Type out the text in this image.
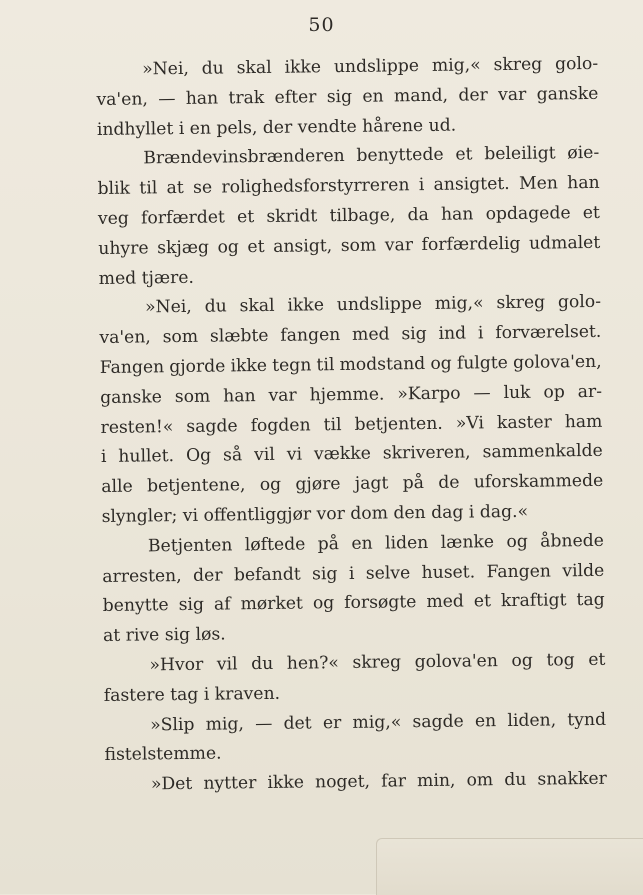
50
»Nei, du skal ikke undslippe mig,« skreg golo-
va'en, — han trak efter sig en mand, der var ganske
indhyllet i en pels, der vendte hårene ud.
Brændevinsbrænderen benyttede et beleiligt øie-
blik til at se rolighedsforstyrreren i ansigtet. Men han
veg forfærdet et skridt tilbage, da han opdagede et
uhyre skjæg og et ansigt, som var forfærdelig udmalet
med tjære.
»Nei, du skal ikke undslippe mig,« skreg golo-
va'en, som slæbte fangen med sig ind i forværelset.
Fangen gjorde ikke tegn til modstand og fulgte golova'en,
ganske som han var hjemme. »Karpo — luk op ar-
resten!« sagde fogden til betjenten. »Vi kaster ham
i hullet. Og så vil vi vække skriveren, sammenkalde
alle betjentene, og gjøre jagt på de uforskammede
slyngler; vi offentliggjør vor dom den dag i dag.«
Betjenten løftede på en liden lænke og åbnede
arresten, der befandt sig i selve huset. Fangen vilde
benytte sig af mørket og forsøgte med et kraftigt tag
at rive sig løs.
»Hvor vil du hen?« skreg golova'en og tog et
fastere tag i kraven.
»Slip mig, — det er mig,« sagde en liden, tynd
fistelstemme.
»Det nytter ikke noget, far min, om du snakker
